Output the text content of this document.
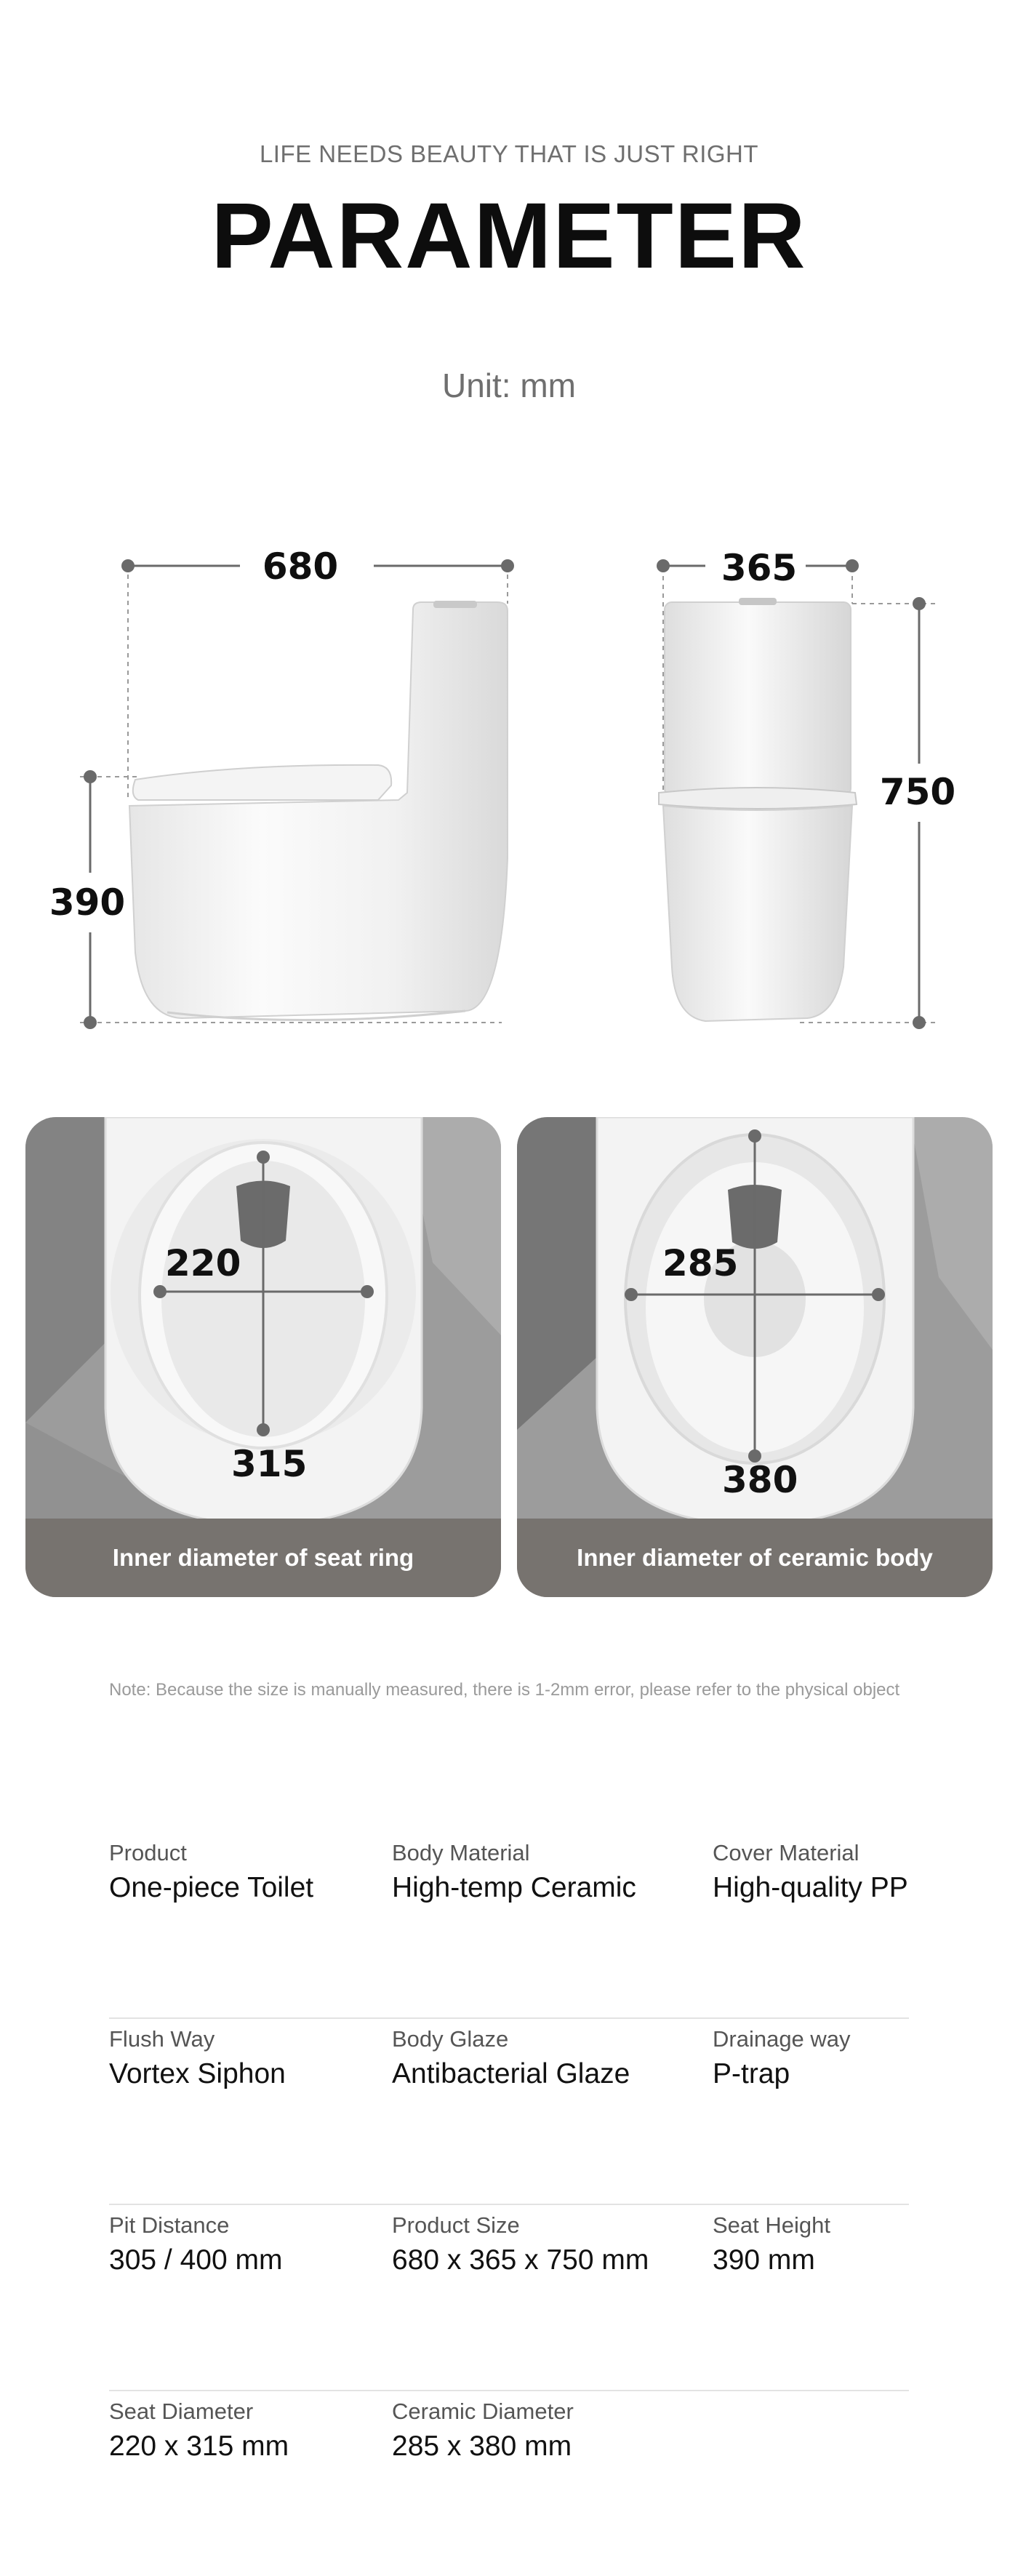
LIFE NEEDS BEAUTY THAT IS JUST RIGHT
PARAMETER
Unit: mm
680	365
390
750
220
315
Inner diameter of seat ring
285
380
Inner diameter of ceramic body
Note: Because the size is manually measured, there is 1-2mm error, please refer to the physical object
Product
One-piece Toilet
Body Material
High-temp Ceramic
Cover Material
High-quality PP
Flush Way
Vortex Siphon
Body Glaze
Antibacterial Glaze
Drainage way
P-trap
Pit Distance
305 / 400 mm
Product Size
680 x 365 x 750 mm
Seat Height
390 mm
Seat Diameter
220 x 315 mm
Ceramic Diameter
285 x 380 mm
